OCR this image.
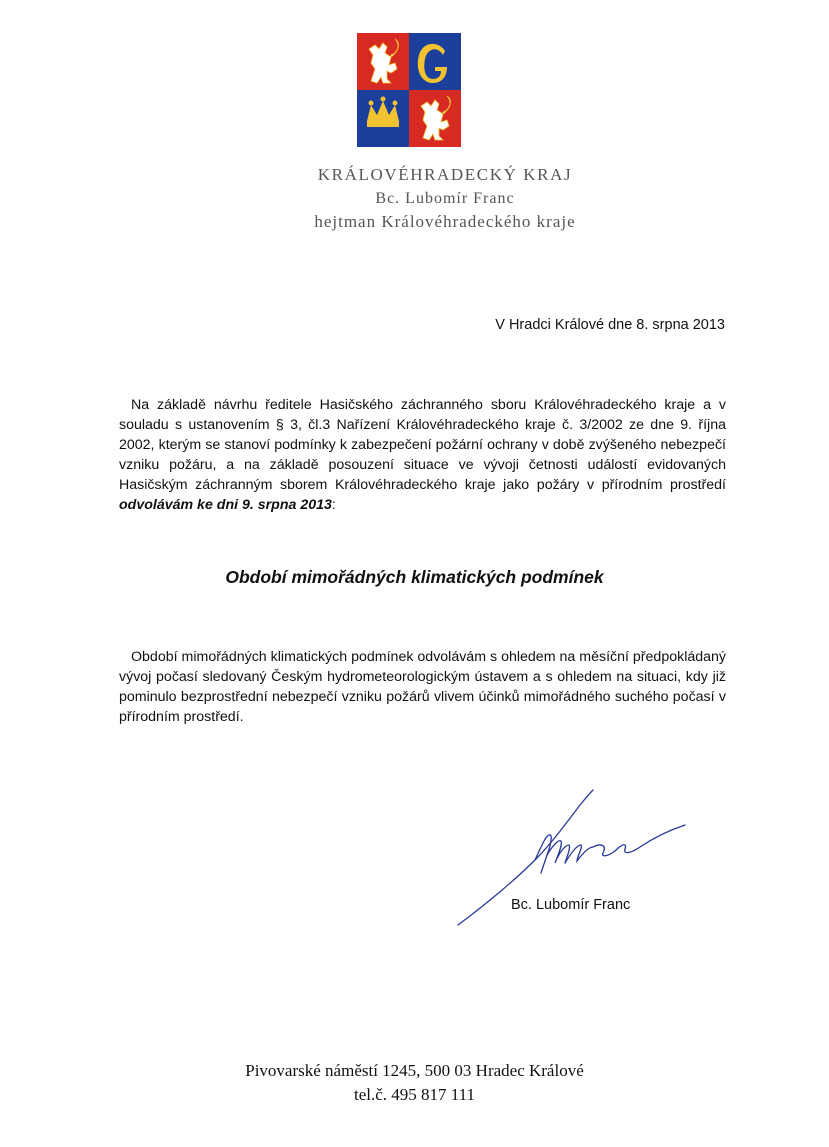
KRÁLOVÉHRADECKÝ KRAJ
Bc. Lubomír Franc
hejtman Královéhradeckého kraje
V Hradci Králové dne 8. srpna 2013
Na základě návrhu ředitele Hasičského záchranného sboru Královéhradeckého kraje a v souladu s ustanovením § 3, čl.3 Nařízení Královéhradeckého kraje č. 3/2002 ze dne 9. října 2002, kterým se stanoví podmínky k zabezpečení požární ochrany v době zvýšeného nebezpečí vzniku požáru, a na základě posouzení situace ve vývoji četnosti událostí evidovaných Hasičským záchranným sborem Královéhradeckého kraje jako požáry v přírodním prostředí odvolávám ke dni 9. srpna 2013:
Období mimořádných klimatických podmínek
Období mimořádných klimatických podmínek odvolávám s ohledem na měsíční předpokládaný vývoj počasí sledovaný Českým hydrometeorologickým ústavem a s ohledem na situaci, kdy již pominulo bezprostřední nebezpečí vzniku požárů vlivem účinků mimořádného suchého počasí v přírodním prostředí.
Bc. Lubomír Franc
Pivovarské náměstí 1245, 500 03 Hradec Králové
tel.č. 495 817 111
